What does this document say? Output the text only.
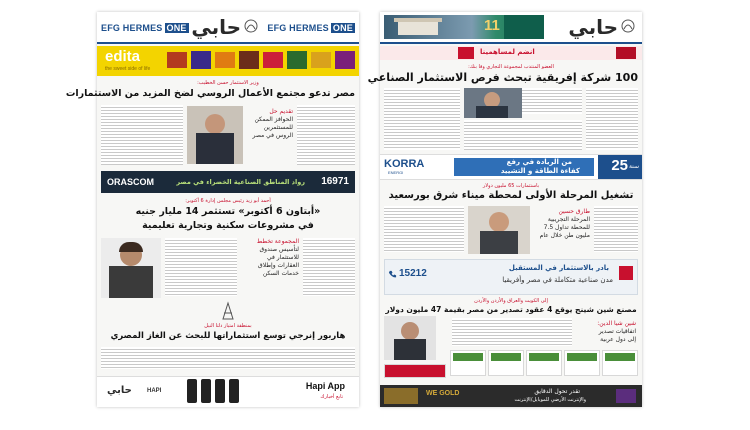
حابي
11
انضم لمساهمينا
العضو المنتدب لمجموعة التجاري وفا بنك:
100 شركة إفريقية تبحث فرص الاستثمار الصناعي
25 سنة
من الريادة في رفع
كفاءة الطاقة و التشييد
KORRA
ENERGI
باستثمارات 65 مليون دولار
تشغيل المرحلة الأولى لمحطة ميناء شرق بورسعيد
طارق حسين
المرحلة التجريبية
للمحطة تداول 7.5
مليون طن خلال عام
بادر بالاستثمار في المستقبل
مدن صناعية متكاملة في مصر وأفريقيا
15212
إلى الكويت والعراق والأردن والأردن
مصنع شين شينج يوقع 4 عقود تصدير من مصر بقيمة 47 مليون دولار
شين شيا الدين:
اتفاقيات تصدير
إلى دول عربية
WE GOLD	تقدر تحول الدقايق
والإنترنت الأرضي للموبايل/الإنترنت
EFG HERMES ONE
حابي
EFG HERMES ONE
edita
the sweet side of life
وزير الاستثمار حسن الخطيب:
مصر تدعو مجتمع الأعمال الروسي لضخ المزيد من الاستثمارات
تقديم حل
الحوافز الممكن
للمستثمرين
الروس في مصر
ORASCOM	رواد المناطق الصناعية الخضراء في مصر 16971
أحمد أبو زيد رئيس مجلس إدارة 6 أكتوبر:
«أبتاون 6 أكتوبر» تستثمر 14 مليار جنيه
في مشروعات سكنية وتجارية تعليمية
المجموعة تخطط
لتأسيس صندوق
للاستثمار في
العقارات وإطلاق
خدمات السكن
بمنطقة امتياز دلتا النيل
هاربور إنرجي توسع استثماراتها للبحث عن الغاز المصري
حابي	HAPI	Hapi App
تابع أخبارك
